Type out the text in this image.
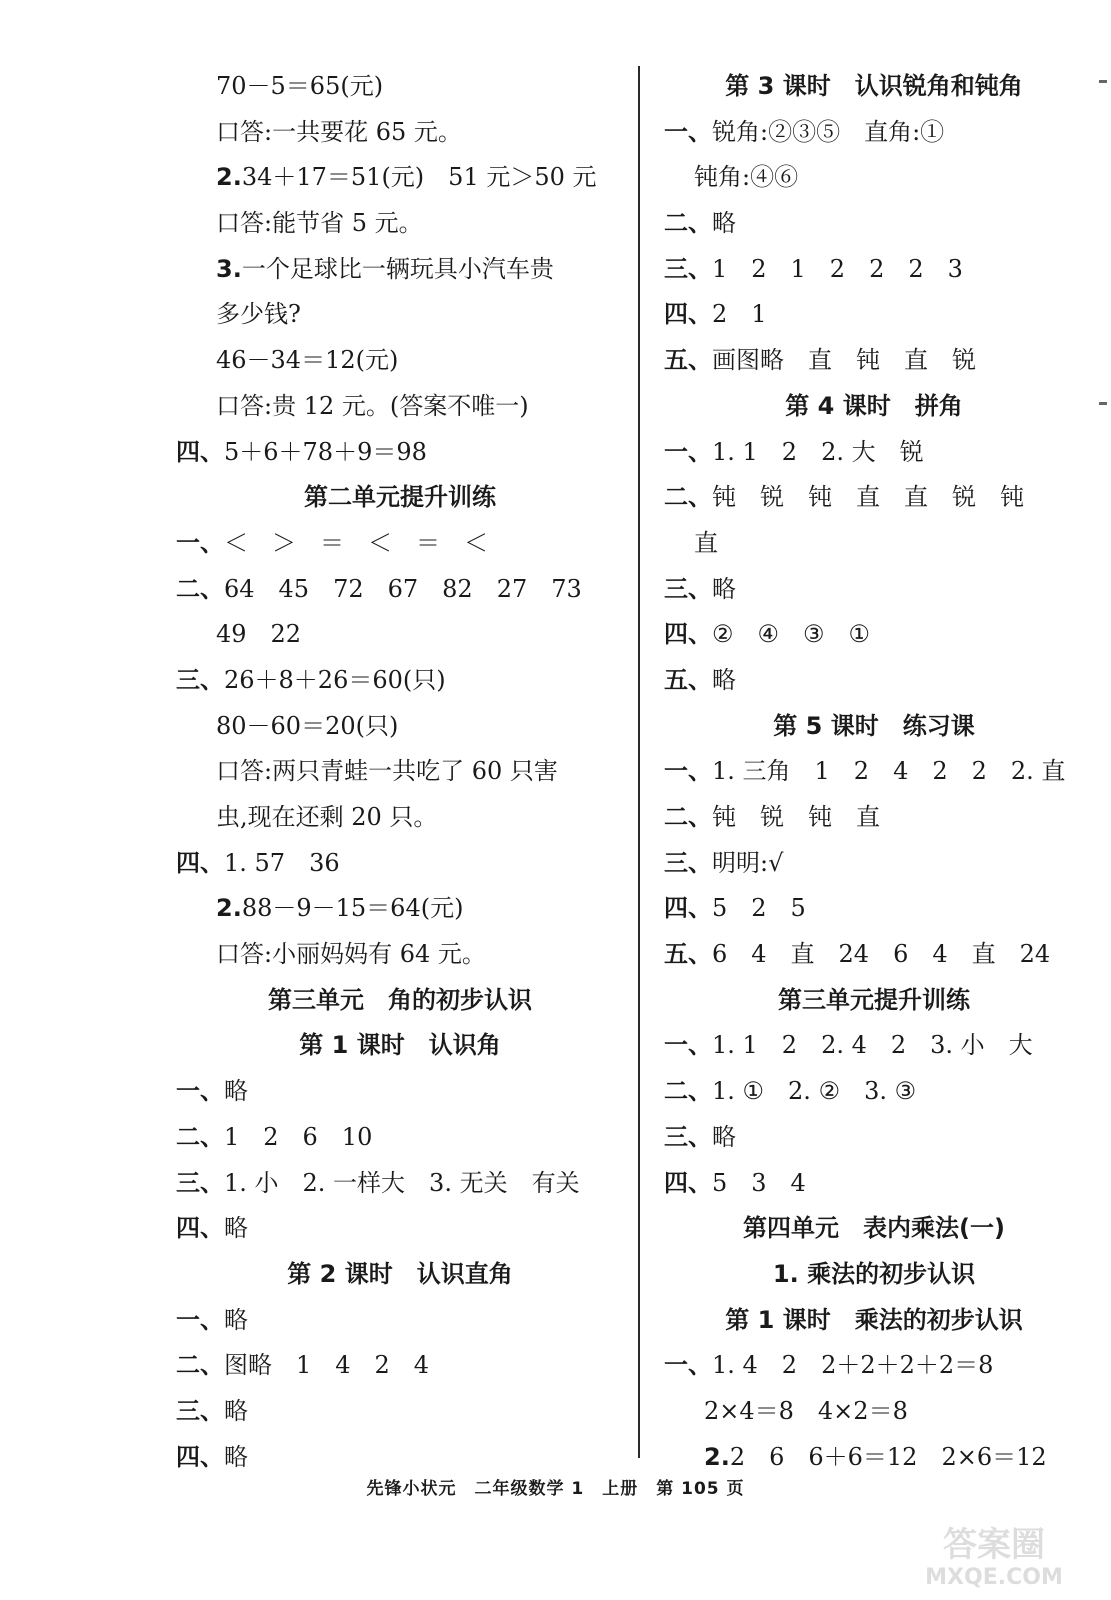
70－5＝65(元)
口答:一共要花 65 元。
2.34＋17＝51(元)　51 元＞50 元
口答:能节省 5 元。
3.一个足球比一辆玩具小汽车贵
多少钱?
46－34＝12(元)
口答:贵 12 元。(答案不唯一)
四、5＋6＋78＋9＝98
第二单元提升训练
一、＜　＞　＝　＜　＝　＜
二、64　45　72　67　82　27　73
49　22
三、26＋8＋26＝60(只)
80－60＝20(只)
口答:两只青蛙一共吃了 60 只害
虫,现在还剩 20 只。
四、1. 57　36
2.88－9－15＝64(元)
口答:小丽妈妈有 64 元。
第三单元　角的初步认识
第 1 课时　认识角
一、略
二、1　2　6　10
三、1. 小　2. 一样大　3. 无关　有关
四、略
第 2 课时　认识直角
一、略
二、图略　1　4　2　4
三、略
四、略
第 3 课时　认识锐角和钝角
一、锐角:②③⑤　直角:①
钝角:④⑥
二、略
三、1　2　1　2　2　2　3
四、2　1
五、画图略　直　钝　直　锐
第 4 课时　拼角
一、1. 1　2　2. 大　锐
二、钝　锐　钝　直　直　锐　钝
直
三、略
四、②　④　③　①
五、略
第 5 课时　练习课
一、1. 三角　1　2　4　2　2　2. 直
二、钝　锐　钝　直
三、明明:√
四、5　2　5
五、6　4　直　24　6　4　直　24
第三单元提升训练
一、1. 1　2　2. 4　2　3. 小　大
二、1. ①　2. ②　3. ③
三、略
四、5　3　4
第四单元　表内乘法(一)
1. 乘法的初步认识
第 1 课时　乘法的初步认识
一、1. 4　2　2＋2＋2＋2＝8
2×4＝8　4×2＝8
2.2　6　6＋6＝12　2×6＝12
先锋小状元　二年级数学 1　上册　第 105 页
答案圈
MXQE.COM
